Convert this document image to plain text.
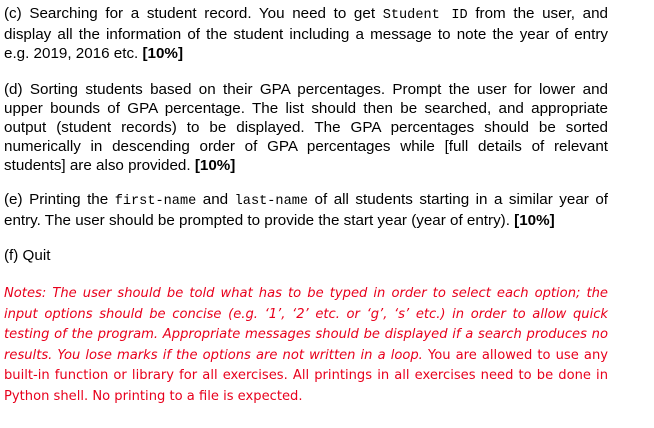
(c) Searching for a student record. You need to get Student ID from the user, and display all the information of the student including a message to note the year of entry e.g. 2019, 2016 etc. [10%]

(d) Sorting students based on their GPA percentages. Prompt the user for lower and upper bounds of GPA percentage. The list should then be searched, and appropriate output (student records) to be displayed. The GPA percentages should be sorted numerically in descending order of GPA percentages while [full details of relevant students] are also provided. [10%]

(e) Printing the first-name and last-name of all students starting in a similar year of entry. The user should be prompted to provide the start year (year of entry). [10%]

(f) Quit

Notes: The user should be told what has to be typed in order to select each option; the input options should be concise (e.g. ‘1’, ‘2’ etc. or ‘g’, ‘s’ etc.) in order to allow quick testing of the program. Appropriate messages should be displayed if a search produces no results. You lose marks if the options are not written in a loop. You are allowed to use any built-in function or library for all exercises. All printings in all exercises need to be done in Python shell. No printing to a file is expected.
